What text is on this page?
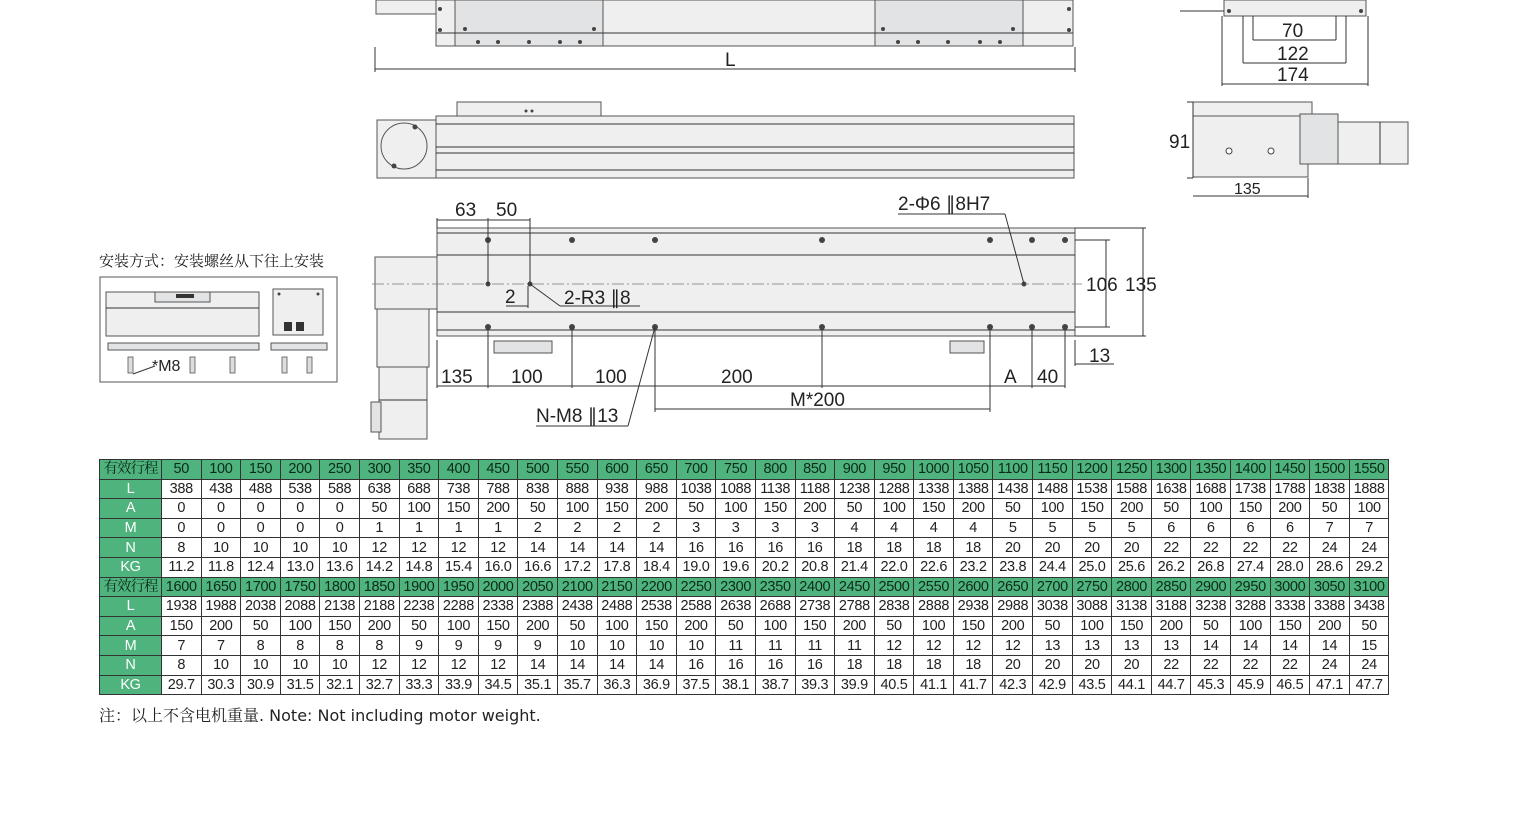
L
70
122
174
91
135
63 50	2-Φ6 ∥8H7
2-R3 ∥8
2
106 135
13
135 100	100	200	A 40
M*200
N-M8 ∥13
*M8

安装方式：安装螺丝从下往上安装

有效行程	50	100	150	200	250	300	350	400	450	500	550	600	650	700	750	800	850	900	950	1000	1050	1100	1150	1200	1250	1300	1350	1400	1450	1500	1550
L	388	438	488	538	588	638	688	738	788	838	888	938	988	1038	1088	1138	1188	1238	1288	1338	1388	1438	1488	1538	1588	1638	1688	1738	1788	1838	1888
A	0	0	0	0	0	50	100	150	200	50	100	150	200	50	100	150	200	50	100	150	200	50	100	150	200	50	100	150	200	50	100
M	0	0	0	0	0	1	1	1	1	2	2	2	2	3	3	3	3	4	4	4	4	5	5	5	5	6	6	6	6	7	7
N	8	10	10	10	10	12	12	12	12	14	14	14	14	16	16	16	16	18	18	18	18	20	20	20	20	22	22	22	22	24	24
KG	11.2	11.8	12.4	13.0	13.6	14.2	14.8	15.4	16.0	16.6	17.2	17.8	18.4	19.0	19.6	20.2	20.8	21.4	22.0	22.6	23.2	23.8	24.4	25.0	25.6	26.2	26.8	27.4	28.0	28.6	29.2
有效行程	1600	1650	1700	1750	1800	1850	1900	1950	2000	2050	2100	2150	2200	2250	2300	2350	2400	2450	2500	2550	2600	2650	2700	2750	2800	2850	2900	2950	3000	3050	3100
L	1938	1988	2038	2088	2138	2188	2238	2288	2338	2388	2438	2488	2538	2588	2638	2688	2738	2788	2838	2888	2938	2988	3038	3088	3138	3188	3238	3288	3338	3388	3438
A	150	200	50	100	150	200	50	100	150	200	50	100	150	200	50	100	150	200	50	100	150	200	50	100	150	200	50	100	150	200	50
M	7	7	8	8	8	8	9	9	9	9	10	10	10	10	11	11	11	11	12	12	12	12	13	13	13	13	14	14	14	14	15
N	8	10	10	10	10	12	12	12	12	14	14	14	14	16	16	16	16	18	18	18	18	20	20	20	20	22	22	22	22	24	24
KG	29.7	30.3	30.9	31.5	32.1	32.7	33.3	33.9	34.5	35.1	35.7	36.3	36.9	37.5	38.1	38.7	39.3	39.9	40.5	41.1	41.7	42.3	42.9	43.5	44.1	44.7	45.3	45.9	46.5	47.1	47.7

注：以上不含电机重量. Note: Not including motor weight.
